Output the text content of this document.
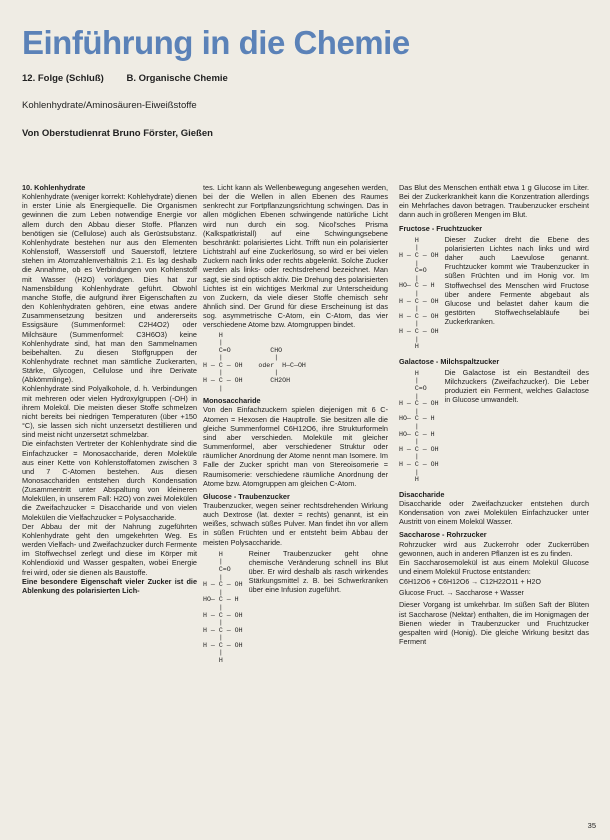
Einführung in die Chemie
12. Folge (Schluß) B. Organische Chemie
Kohlenhydrate/Aminosäuren-Eiweißstoffe
Von Oberstudienrat Bruno Förster, Gießen

10. Kohlenhydrate

Kohlenhydrate (weniger korrekt: Kohlehydrate) dienen in erster Linie als Energiequelle. Die Organismen gewinnen die zum Leben notwendige Energie vor allem durch den Abbau dieser Stoffe. Pflanzen benötigen sie (Cellulose) auch als Gerüstsubstanz. Kohlenhydrate bestehen nur aus den Elementen Kohlenstoff, Wasserstoff und Sauerstoff, letztere stehen im Atomzahlenverhältnis 2:1. Es lag deshalb die Annahme, ob es Verbindungen von Kohlenstoff mit Wasser (H2O) vorlägen. Dies hat zur Namensbildung Kohlenhydrate geführt. Obwohl manche Stoffe, die aufgrund ihrer Eigenschaften zu den Kohlenhydraten gehören, eine etwas andere Zusammensetzung besitzen und andererseits Essigsäure (Summenformel: C2H4O2) oder Milchsäure (Summenformel: C3H6O3) keine Kohlenhydrate sind, hat man den Sammelnamen beibehalten. Zu diesen Stoffgruppen der Kohlenhydrate rechnet man sämtliche Zuckerarten, Stärke, Glycogen, Cellulose und ihre Derivate (Abkömmlinge).

Kohlenhydrate sind Polyalkohole, d. h. Verbindungen mit mehreren oder vielen Hydroxylgruppen (-OH) in ihrem Molekül. Die meisten dieser Stoffe schmelzen nicht bereits bei niedrigen Temperaturen (über +150 °C), sie lassen sich nicht unzersetzt destillieren und sind meist nicht unzersetzt schmelzbar.

Die einfachsten Vertreter der Kohlenhydrate sind die Einfachzucker = Monosaccharide, deren Moleküle aus einer Kette von Kohlenstoffatomen zwischen 3 und 7 C-Atomen bestehen. Aus diesen Monosacchariden entstehen durch Kondensation (Zusammentritt unter Abspaltung von kleineren Molekülen, in unserem Fall: H2O) von zwei Molekülen die Zweifachzucker = Disaccharide und von vielen Molekülen die Vielfachzucker = Polysaccharide.

Der Abbau der mit der Nahrung zugeführten Kohlenhydrate geht den umgekehrten Weg. Es werden Vielfach- und Zweifachzucker durch Fermente im Stoffwechsel zerlegt und diese im Körper mit Kohlendioxid und Wasser gespalten, wobei Energie frei wird, oder sie dienen als Baustoffe.

Eine besondere Eigenschaft vieler Zucker ist die Ablenkung des polarisierten Lich-

tes. Licht kann als Wellenbewegung angesehen werden, bei der die Wellen in allen Ebenen des Raumes senkrecht zur Fortpflanzungsrichtung schwingen. Das in allen möglichen Ebenen schwingende natürliche Licht wird nun durch ein sog. Nicol'sches Prisma (Kalkspatkristall) auf eine Schwingungsebene beschränkt: polarisiertes Licht. Trifft nun ein polarisierter Lichtstrahl auf eine Zuckerlösung, so wird er bei vielen Zuckern nach links oder rechts abgelenkt. Solche Zucker werden als links- oder rechtsdrehend bezeichnet. Man sagt, sie sind optisch aktiv. Die Drehung des polarisierten Lichtes ist ein wichtiges Merkmal zur Unterscheidung von Zuckern, da viele dieser Stoffe chemisch sehr ähnlich sind. Der Grund für diese Erscheinung ist das sog. asymmetrische C-Atom, ein C-Atom, das vier verschiedene Atome bzw. Atomgruppen bindet.

H
|
C=O          CHO
|             |
H — C — OH    oder  H—C—OH
|             |
H — C — OH       CH2OH
|

Monosaccharide

Von den Einfachzuckern spielen diejenigen mit 6 C-Atomen = Hexosen die Hauptrolle. Sie besitzen alle die gleiche Summenformel C6H12O6, ihre Strukturformeln sind aber verschieden. Moleküle mit gleicher Summenformel, aber verschiedener Struktur oder räumlicher Anordnung der Atome nennt man Isomere. Im Falle der Zucker spricht man von Stereoisomerie = Raumisomerie: verschiedene räumliche Anordnung der Atome bzw. Atomgruppen am gleichen C-Atom.

Glucose - Traubenzucker

Traubenzucker, wegen seiner rechtsdrehenden Wirkung auch Dextrose (lat. dexter = rechts) genannt, ist ein weißes, schwach süßes Pulver. Man findet ihn vor allem in süßen Früchten und er entsteht beim Abbau der meisten Polysaccharide.

H
|
C=O
|
H — C — OH
|
HO— C — H
|
H — C — OH
|
H — C — OH
|
H — C — OH
|
H

Reiner Traubenzucker geht ohne chemische Veränderung schnell ins Blut über. Er wird deshalb als rasch wirkendes Stärkungsmittel z. B. bei Schwerkranken über eine Infusion zugeführt.

Das Blut des Menschen enthält etwa 1 g Glucose im Liter. Bei der Zuckerkrankheit kann die Konzentration allerdings ein Mehrfaches davon betragen. Traubenzucker erscheint dann auch in größeren Mengen im Blut.

Fructose - Fruchtzucker

H
|
H — C — OH
|
C=O
|
HO— C — H
|
H — C — OH
|
H — C — OH
|
H — C — OH
|
H

Dieser Zucker dreht die Ebene des polarisierten Lichtes nach links und wird daher auch Laevulose genannt. Fruchtzucker kommt wie Traubenzucker in süßen Früchten und im Honig vor. Im Stoffwechsel des Menschen wird Fructose über andere Fermente abgebaut als Glucose und belastet daher kaum die gestörten Stoffwechselabläufe bei Zuckerkranken.

Galactose - Milchspaltzucker

H
|
C=O
|
H — C — OH
|
HO— C — H
|
HO— C — H
|
H — C — OH
|
H — C — OH
|
H

Die Galactose ist ein Bestandteil des Milchzuckers (Zweifachzucker). Die Leber produziert ein Ferment, welches Galactose in Glucose umwandelt.

Disaccharide

Disaccharide oder Zweifachzucker entstehen durch Kondensation von zwei Molekülen Einfachzucker unter Austritt von einem Molekül Wasser.

Saccharose - Rohrzucker

Rohrzucker wird aus Zuckerrohr oder Zuckerrüben gewonnen, auch in anderen Pflanzen ist es zu finden.

Ein Saccharosemolekül ist aus einem Molekül Glucose und einem Molekül Fructose entstanden:

C6H12O6 + C6H12O6 → C12H22O11 + H2O
Glucose Fruct. → Saccharose + Wasser

Dieser Vorgang ist umkehrbar. Im süßen Saft der Blüten ist Saccharose (Nektar) enthalten, die im Honigmagen der Bienen wieder in Traubenzucker und Fruchtzucker gespalten wird (Honig). Die gleiche Wirkung besitzt das Ferment

35
